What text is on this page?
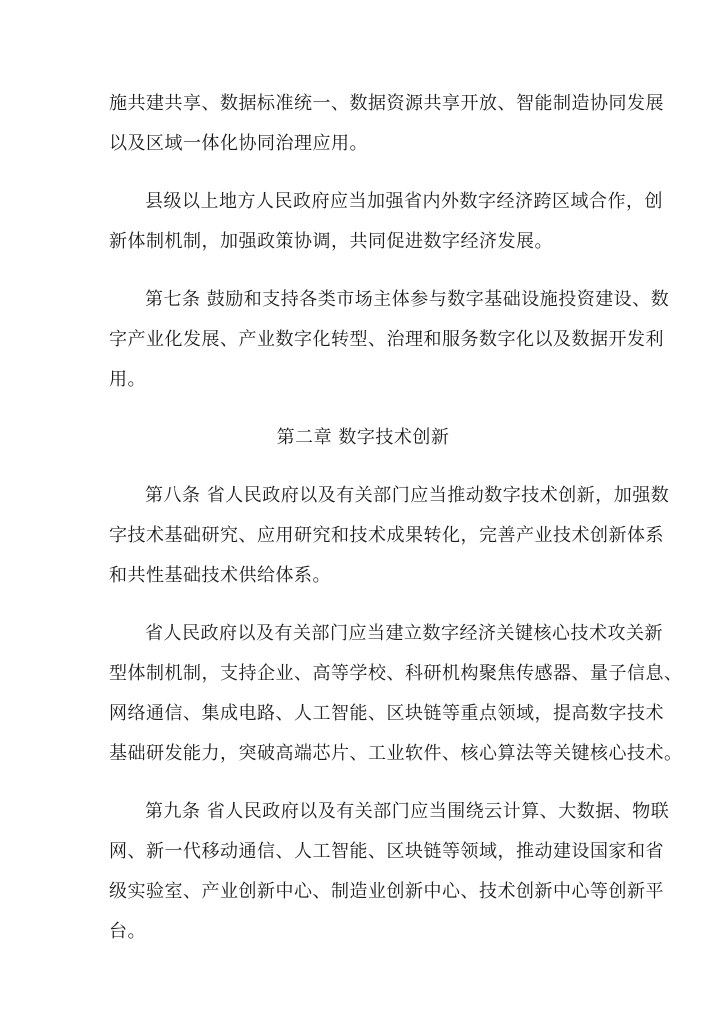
施共建共享、数据标准统一、数据资源共享开放、智能制造协同发展
以及区域一体化协同治理应用。

县级以上地方人民政府应当加强省内外数字经济跨区域合作，创
新体制机制，加强政策协调，共同促进数字经济发展。

第七条 鼓励和支持各类市场主体参与数字基础设施投资建设、数
字产业化发展、产业数字化转型、治理和服务数字化以及数据开发利
用。

第二章 数字技术创新

第八条 省人民政府以及有关部门应当推动数字技术创新，加强数
字技术基础研究、应用研究和技术成果转化，完善产业技术创新体系
和共性基础技术供给体系。

省人民政府以及有关部门应当建立数字经济关键核心技术攻关新
型体制机制，支持企业、高等学校、科研机构聚焦传感器、量子信息、
网络通信、集成电路、人工智能、区块链等重点领域，提高数字技术
基础研发能力，突破高端芯片、工业软件、核心算法等关键核心技术。

第九条 省人民政府以及有关部门应当围绕云计算、大数据、物联
网、新一代移动通信、人工智能、区块链等领域，推动建设国家和省
级实验室、产业创新中心、制造业创新中心、技术创新中心等创新平
台。
